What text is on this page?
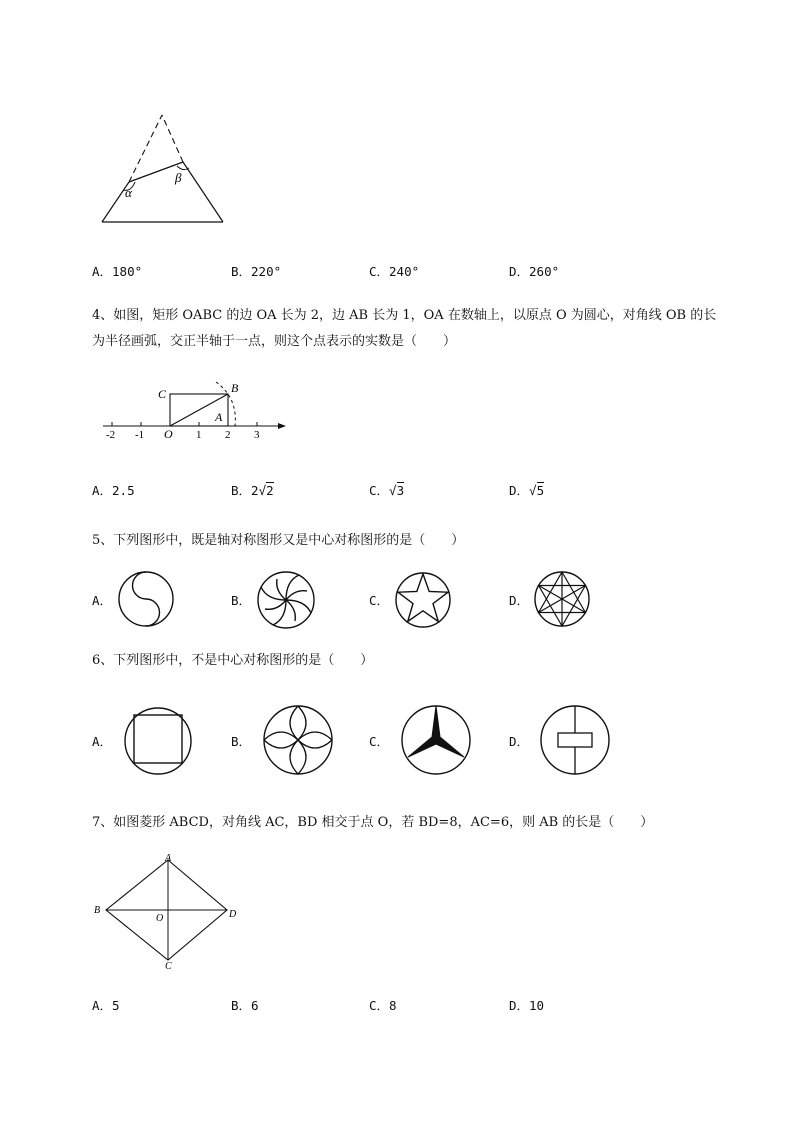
α
β
A．180°	B．220°	C．240°	D．260°
4、如图，矩形 OABC 的边 OA 长为 2，边 AB 长为 1，OA 在数轴上，以原点 O 为圆心，对角线 OB 的长
为半径画弧，交正半轴于一点，则这个点表示的实数是（　　）
C	B
A
-2 -1 O 1 2 3
A．2.5	B．2√2	C．√3	D．√5
5、下列图形中，既是轴对称图形又是中心对称图形的是（　　）
A．	B．	C．	D．
6、下列图形中，不是中心对称图形的是（　　）
A．	B．	C．	D．
7、如图菱形 ABCD，对角线 AC，BD 相交于点 O，若 BD=8，AC=6，则 AB 的长是（　　）
A
B
C
D
O
A．5	B．6	C．8	D．10
